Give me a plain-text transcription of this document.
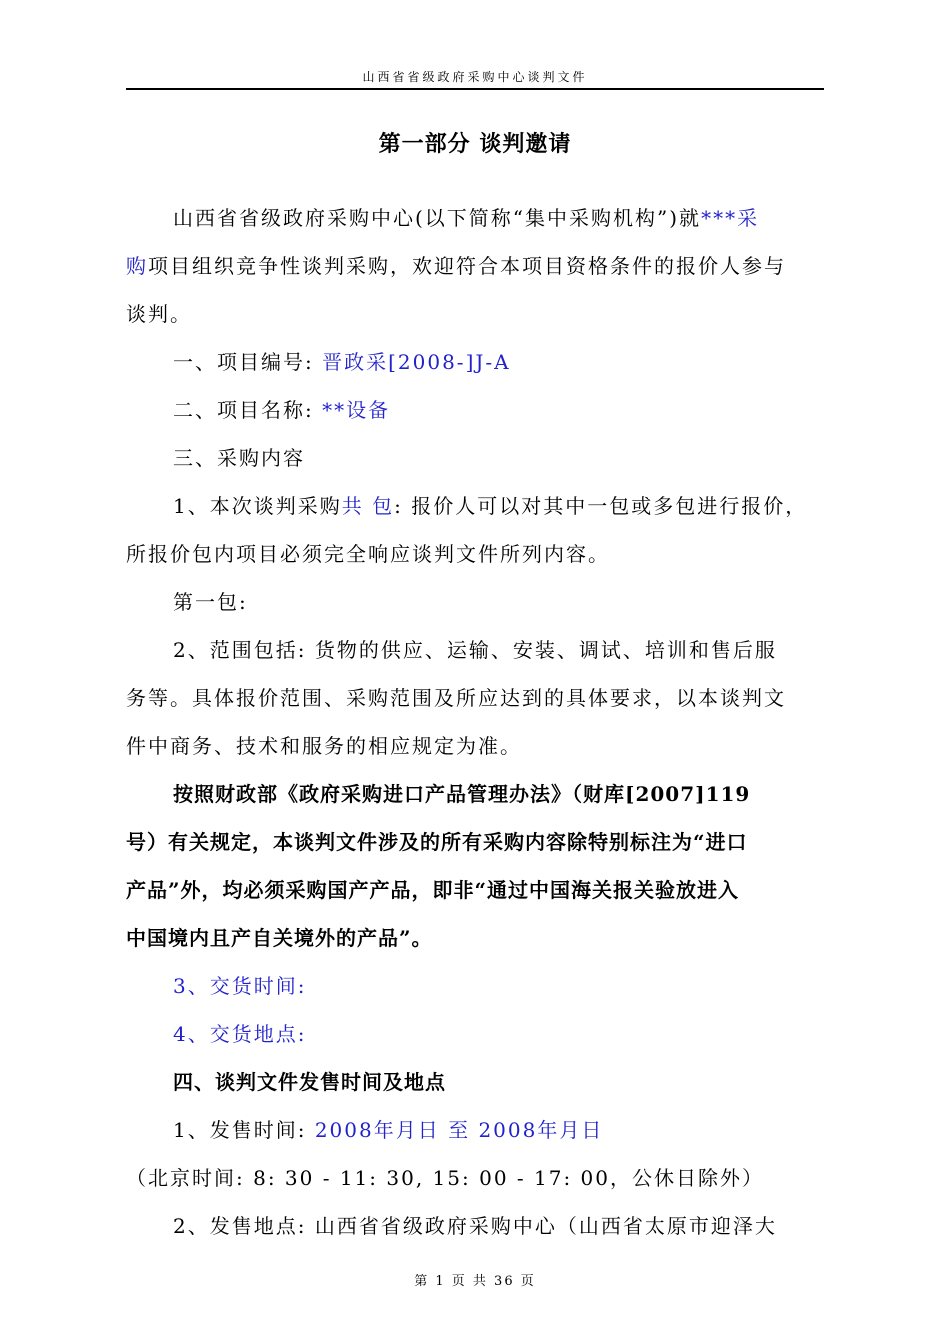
山西省省级政府采购中心谈判文件
第一部分 谈判邀请
山西省省级政府采购中心(以下简称“集中采购机构”)就***采
购项目组织竞争性谈判采购，欢迎符合本项目资格条件的报价人参与
谈判。
一、项目编号: 晋政采[2008-]J-A
二、项目名称: **设备
三、采购内容
1、本次谈判采购共 包: 报价人可以对其中一包或多包进行报价，
所报价包内项目必须完全响应谈判文件所列内容。
第一包:
2、范围包括: 货物的供应、运输、安装、调试、培训和售后服
务等。具体报价范围、采购范围及所应达到的具体要求，以本谈判文
件中商务、技术和服务的相应规定为准。
按照财政部《政府采购进口产品管理办法》（财库[2007]119
号）有关规定，本谈判文件涉及的所有采购内容除特别标注为“进口
产品”外，均必须采购国产产品，即非“通过中国海关报关验放进入
中国境内且产自关境外的产品”。
3、交货时间:
4、交货地点:
四、谈判文件发售时间及地点
1、发售时间: 2008年月日 至 2008年月日
（北京时间: 8: 30 - 11: 30, 15: 00 - 17: 00，公休日除外）
2、发售地点: 山西省省级政府采购中心（山西省太原市迎泽大
第 1 页 共 36 页
